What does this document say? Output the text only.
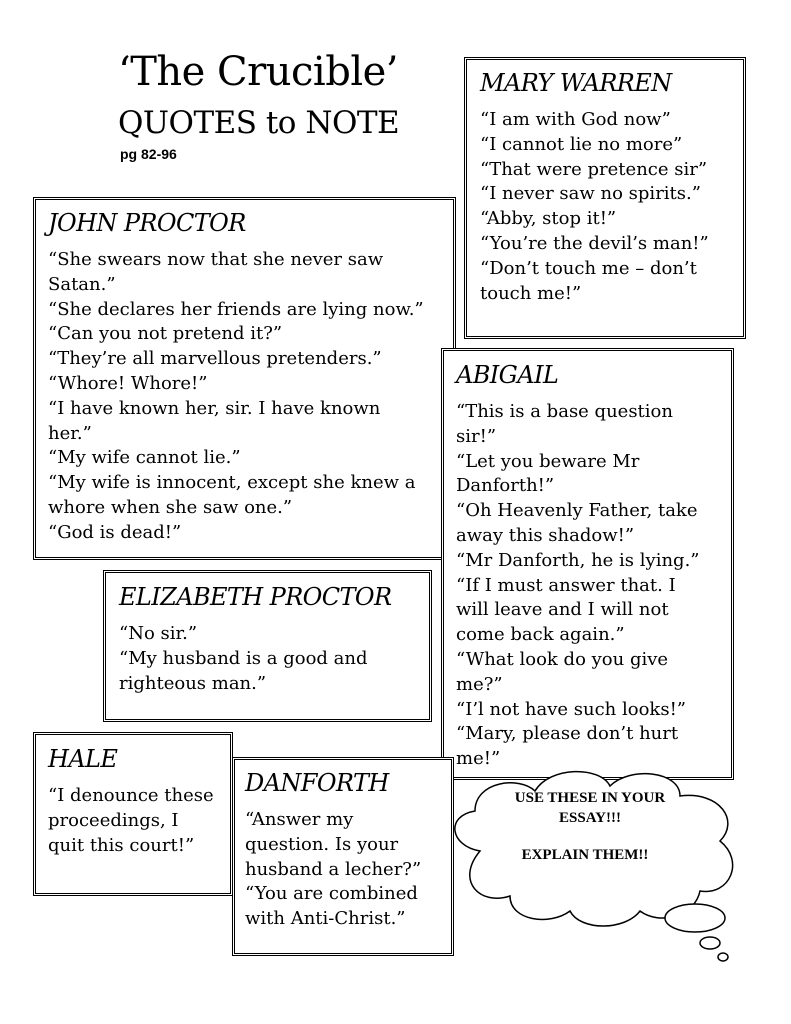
‘The Crucible’
QUOTES to NOTE
pg 82-96
MARY WARREN
“I am with God now”
“I cannot lie no more”
“That were pretence sir”
“I never saw no spirits.”
“Abby, stop it!”
“You’re the devil’s man!”
“Don’t touch me – don’t
touch me!”
JOHN PROCTOR
“She swears now that she never saw
Satan.”
“She declares her friends are lying now.”
“Can you not pretend it?”
“They’re all marvellous pretenders.”
“Whore! Whore!”
“I have known her, sir. I have known
her.”
“My wife cannot lie.”
“My wife is innocent, except she knew a
whore when she saw one.”
“God is dead!”
ABIGAIL
“This is a base question
sir!”
“Let you beware Mr
Danforth!”
“Oh Heavenly Father, take
away this shadow!”
“Mr Danforth, he is lying.”
“If I must answer that. I
will leave and I will not
come back again.”
“What look do you give
me?”
“I’l not have such looks!”
“Mary, please don’t hurt
me!”
ELIZABETH PROCTOR
“No sir.”
“My husband is a good and
righteous man.”
HALE
“I denounce these
proceedings, I
quit this court!”
DANFORTH
“Answer my
question. Is your
husband a lecher?”
“You are combined
with Anti-Christ.”
USE THESE IN YOUR ESSAY!!!
EXPLAIN THEM!!
